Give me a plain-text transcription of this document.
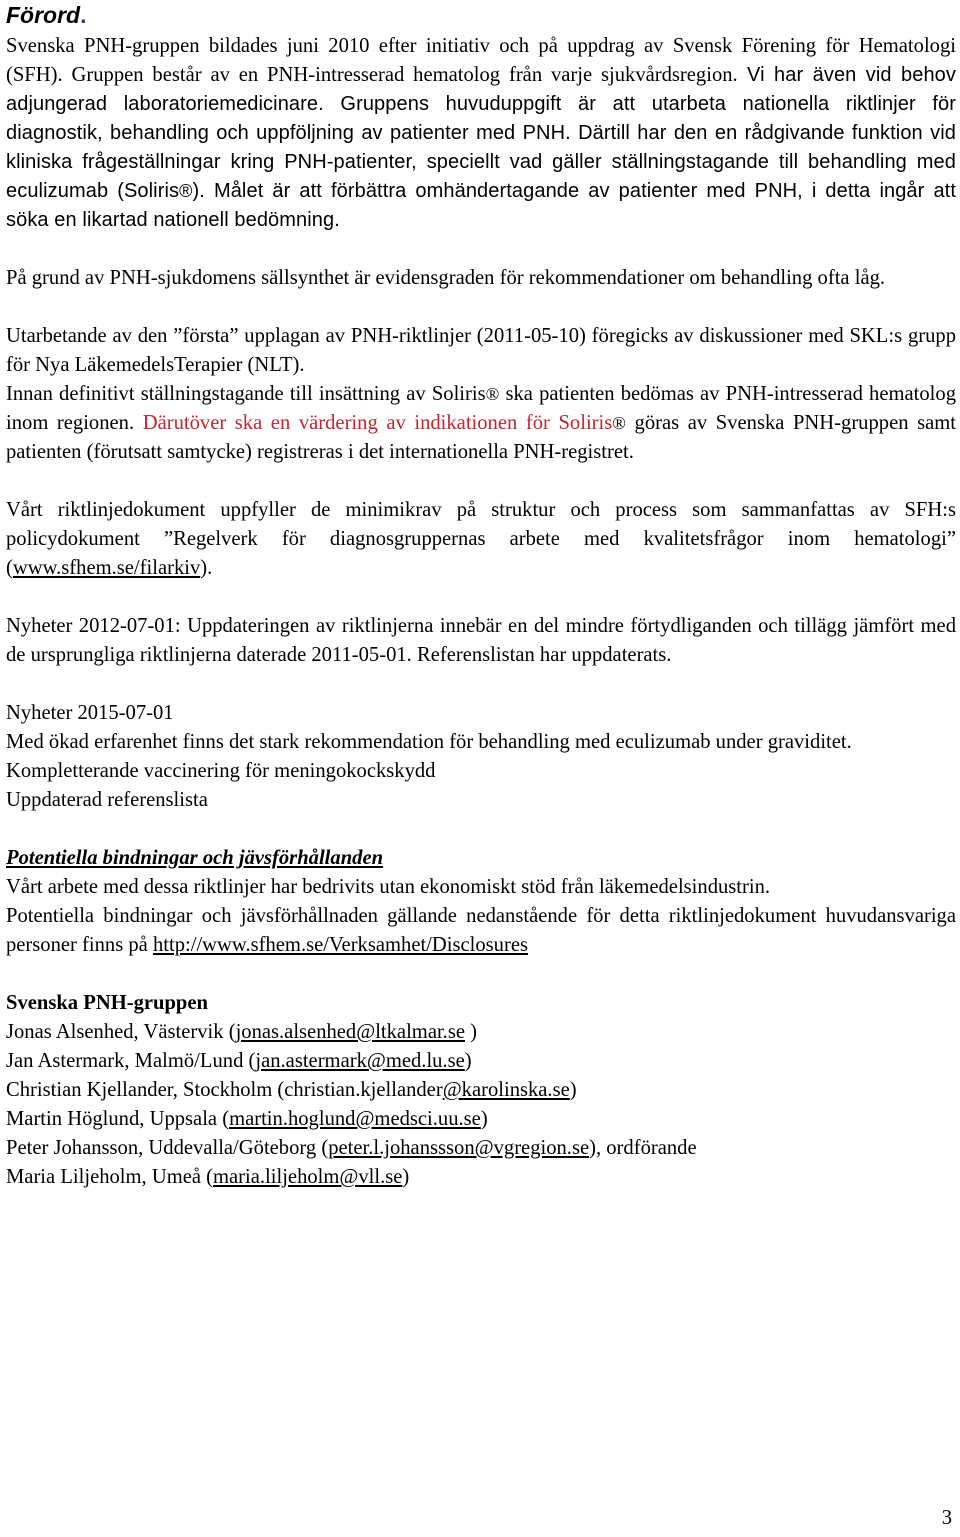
Förord.

Svenska PNH-gruppen bildades juni 2010 efter initiativ och på uppdrag av Svensk Förening för Hematologi (SFH). Gruppen består av en PNH-intresserad hematolog från varje sjukvårdsregion. Vi har även vid behov adjungerad laboratoriemedicinare. Gruppens huvuduppgift är att utarbeta nationella riktlinjer för diagnostik, behandling och uppföljning av patienter med PNH. Därtill har den en rådgivande funktion vid kliniska frågeställningar kring PNH-patienter, speciellt vad gäller ställningstagande till behandling med eculizumab (Soliris®). Målet är att förbättra omhändertagande av patienter med PNH, i detta ingår att söka en likartad nationell bedömning.

På grund av PNH-sjukdomens sällsynthet är evidensgraden för rekommendationer om behandling ofta låg.

Utarbetande av den ”första” upplagan av PNH-riktlinjer (2011-05-10) föregicks av diskussioner med SKL:s grupp för Nya LäkemedelsTerapier (NLT).

Innan definitivt ställningstagande till insättning av Soliris® ska patienten bedömas av PNH-intresserad hematolog inom regionen. Därutöver ska en värdering av indikationen för Soliris® göras av Svenska PNH-gruppen samt patienten (förutsatt samtycke) registreras i det internationella PNH-registret.

Vårt riktlinjedokument uppfyller de minimikrav på struktur och process som sammanfattas av SFH:s policydokument ”Regelverk för diagnosgruppernas arbete med kvalitetsfrågor inom hematologi” (www.sfhem.se/filarkiv).

Nyheter 2012-07-01: Uppdateringen av riktlinjerna innebär en del mindre förtydliganden och tillägg jämfört med de ursprungliga riktlinjerna daterade 2011-05-01. Referenslistan har uppdaterats.

Nyheter 2015-07-01

Med ökad erfarenhet finns det stark rekommendation för behandling med eculizumab under graviditet.

Kompletterande vaccinering för meningokockskydd

Uppdaterad referenslista

Potentiella bindningar och jävsförhållanden

Vårt arbete med dessa riktlinjer har bedrivits utan ekonomiskt stöd från läkemedelsindustrin.

Potentiella bindningar och jävsförhållnaden gällande nedanstående för detta riktlinjedokument huvudansvariga personer finns på http://www.sfhem.se/Verksamhet/Disclosures

Svenska PNH-gruppen

Jonas Alsenhed, Västervik (jonas.alsenhed@ltkalmar.se )

Jan Astermark, Malmö/Lund (jan.astermark@med.lu.se)

Christian Kjellander, Stockholm (christian.kjellander@karolinska.se)

Martin Höglund, Uppsala (martin.hoglund@medsci.uu.se)

Peter Johansson, Uddevalla/Göteborg (peter.l.johanssson@vgregion.se), ordförande

Maria Liljeholm, Umeå (maria.liljeholm@vll.se)

3
